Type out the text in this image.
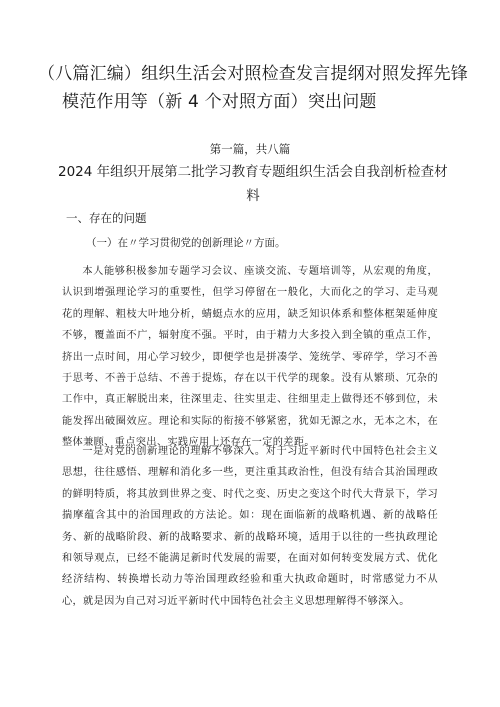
（八篇汇编）组织生活会对照检查发言提纲对照发挥先锋
模范作用等（新 4 个对照方面）突出问题
第一篇，共八篇
2024 年组织开展第二批学习教育专题组织生活会自我剖析检查材
料
一、存在的问题
（一）在〃学习贯彻党的创新理论〃方面。

本人能够积极参加专题学习会议、座谈交流、专题培训等，从宏观的角度，认识到增强理论学习的重要性，但学习停留在一般化，大而化之的学习、走马观花的理解、粗枝大叶地分析，蜻蜓点水的应用，缺乏知识体系和整体框架延伸度不够，覆盖面不广，辐射度不强。平时，由于精力大多投入到全镇的重点工作，挤出一点时间，用心学习较少，即便学也是拼凑学、笼统学、零碎学，学习不善于思考、不善于总结、不善于提炼，存在以干代学的现象。没有从繁琐、冗杂的工作中，真正解脱出来，往深里走、往实里走、往细里走上做得还不够到位，未能发挥出破圈效应。理论和实际的衔接不够紧密，犹如无源之水，无本之木，在整体兼顾、重点突出、实践应用上还存在一定的差距。

一是对党的创新理论的理解不够深入。对于习近平新时代中国特色社会主义思想，往往感悟、理解和消化多一些，更注重其政治性，但没有结合其治国理政的鲜明特质，将其放到世界之变、时代之变、历史之变这个时代大背景下，学习揣摩蕴含其中的治国理政的方法论。如：现在面临新的战略机遇、新的战略任务、新的战略阶段、新的战略要求、新的战略环境，适用于以往的一些执政理论和领导观点，已经不能满足新时代发展的需要，在面对如何转变发展方式、优化经济结构、转换增长动力等治国理政经验和重大执政命题时，时常感觉力不从心，就是因为自己对习近平新时代中国特色社会主义思想理解得不够深入。
